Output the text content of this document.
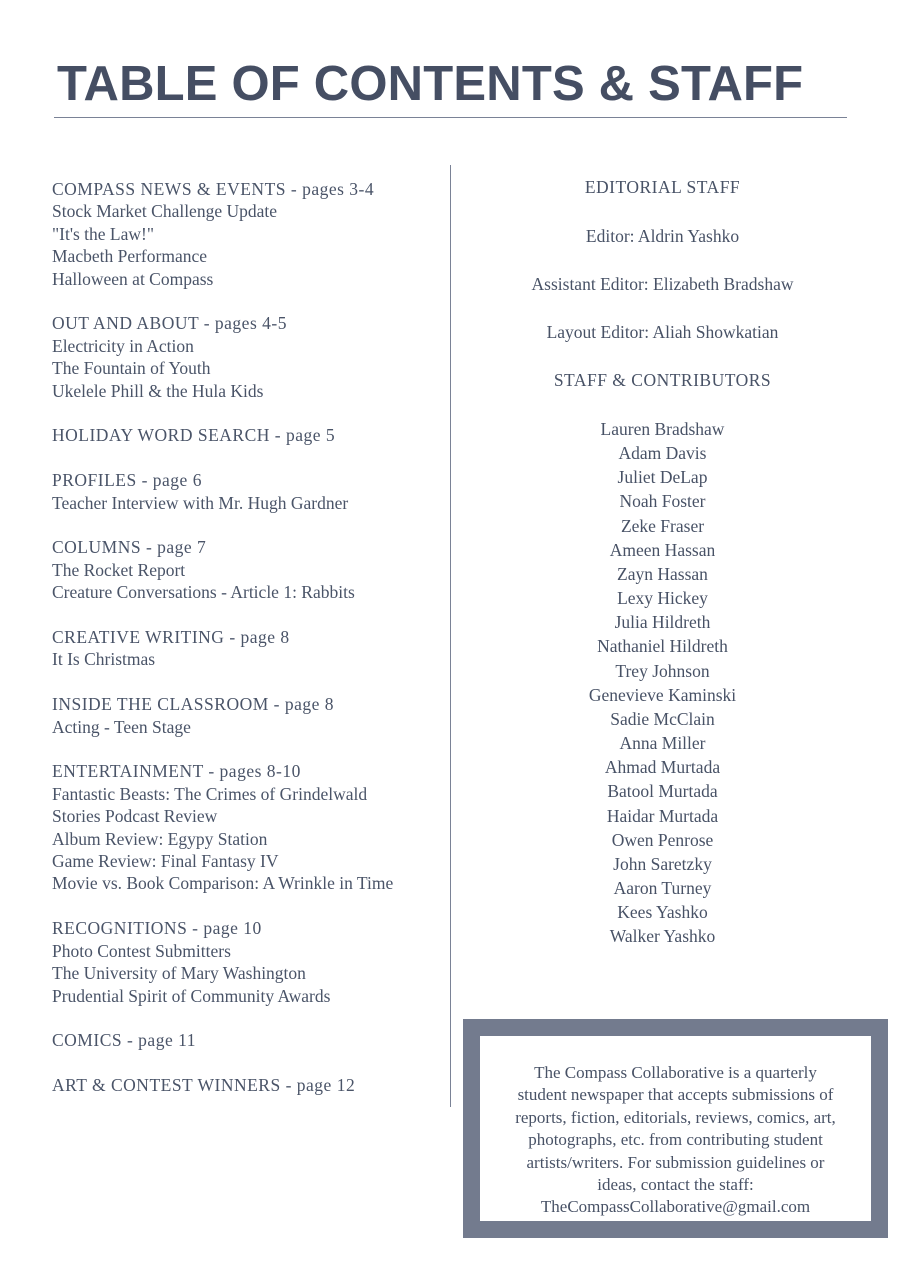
TABLE OF CONTENTS & STAFF
COMPASS NEWS & EVENTS - pages 3-4
Stock Market Challenge Update
"It's the Law!"
Macbeth Performance
Halloween at Compass
OUT AND ABOUT - pages 4-5
Electricity in Action
The Fountain of Youth
Ukelele Phill & the Hula Kids
HOLIDAY WORD SEARCH - page 5
PROFILES - page 6
Teacher Interview with Mr. Hugh Gardner
COLUMNS - page 7
The Rocket Report
Creature Conversations - Article 1: Rabbits
CREATIVE WRITING - page 8
It Is Christmas
INSIDE THE CLASSROOM - page 8
Acting - Teen Stage
ENTERTAINMENT - pages 8-10
Fantastic Beasts: The Crimes of Grindelwald
Stories Podcast Review
Album Review: Egypy Station
Game Review: Final Fantasy IV
Movie vs. Book Comparison: A Wrinkle in Time
RECOGNITIONS - page 10
Photo Contest Submitters
The University of Mary Washington
Prudential Spirit of Community Awards
COMICS - page 11
ART & CONTEST WINNERS - page 12
EDITORIAL STAFF
Editor: Aldrin Yashko
Assistant Editor: Elizabeth Bradshaw
Layout Editor: Aliah Showkatian
STAFF & CONTRIBUTORS
Lauren Bradshaw
Adam Davis
Juliet DeLap
Noah Foster
Zeke Fraser
Ameen Hassan
Zayn Hassan
Lexy Hickey
Julia Hildreth
Nathaniel Hildreth
Trey Johnson
Genevieve Kaminski
Sadie McClain
Anna Miller
Ahmad Murtada
Batool Murtada
Haidar Murtada
Owen Penrose
John Saretzky
Aaron Turney
Kees Yashko
Walker Yashko
The Compass Collaborative is a quarterly
student newspaper that accepts submissions of
reports, fiction, editorials, reviews, comics, art,
photographs, etc. from contributing student
artists/writers. For submission guidelines or
ideas, contact the staff:
TheCompassCollaborative@gmail.com
